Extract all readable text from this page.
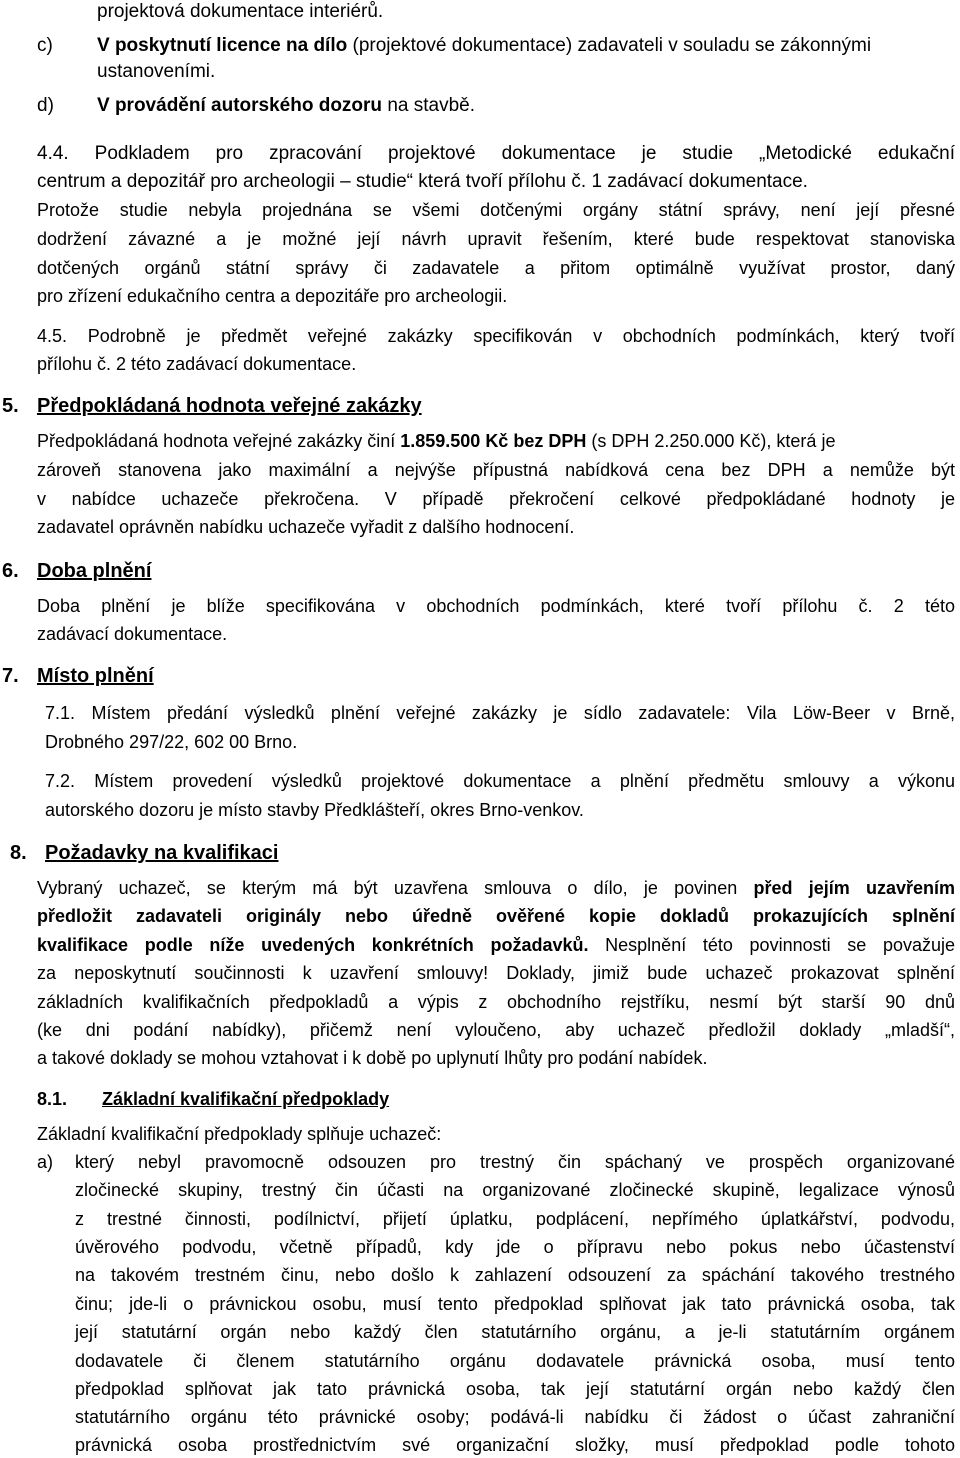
projektová dokumentace interiérů.
c) V poskytnutí licence na dílo (projektové dokumentace) zadavateli v souladu se zákonnými
ustanoveními.
d) V provádění autorského dozoru na stavbě.
4.4. Podkladem pro zpracování projektové dokumentace je studie „Metodické edukační
centrum a depozitář pro archeologii – studie“ která tvoří přílohu č. 1 zadávací dokumentace.
Protože studie nebyla projednána se všemi dotčenými orgány státní správy, není její přesné
dodržení závazné a je možné její návrh upravit řešením, které bude respektovat stanoviska
dotčených orgánů státní správy či zadavatele a přitom optimálně využívat prostor, daný
pro zřízení edukačního centra a depozitáře pro archeologii.
4.5. Podrobně je předmět veřejné zakázky specifikován v obchodních podmínkách, který tvoří
přílohu č. 2 této zadávací dokumentace.
5. Předpokládaná hodnota veřejné zakázky
Předpokládaná hodnota veřejné zakázky činí 1.859.500 Kč bez DPH (s DPH 2.250.000 Kč), která je
zároveň stanovena jako maximální a nejvýše přípustná nabídková cena bez DPH a nemůže být
v nabídce uchazeče překročena. V případě překročení celkové předpokládané hodnoty je
zadavatel oprávněn nabídku uchazeče vyřadit z dalšího hodnocení.
6. Doba plnění
Doba plnění je blíže specifikována v obchodních podmínkách, které tvoří přílohu č. 2 této
zadávací dokumentace.
7. Místo plnění
7.1. Místem předání výsledků plnění veřejné zakázky je sídlo zadavatele: Vila Löw-Beer v Brně,
Drobného 297/22, 602 00 Brno.
7.2. Místem provedení výsledků projektové dokumentace a plnění předmětu smlouvy a výkonu
autorského dozoru je místo stavby Předklášteří, okres Brno-venkov.
8. Požadavky na kvalifikaci
Vybraný uchazeč, se kterým má být uzavřena smlouva o dílo, je povinen před jejím uzavřením
předložit zadavateli originály nebo úředně ověřené kopie dokladů prokazujících splnění
kvalifikace podle níže uvedených konkrétních požadavků. Nesplnění této povinnosti se považuje
za neposkytnutí součinnosti k uzavření smlouvy! Doklady, jimiž bude uchazeč prokazovat splnění
základních kvalifikačních předpokladů a výpis z obchodního rejstříku, nesmí být starší 90 dnů
(ke dni podání nabídky), přičemž není vyloučeno, aby uchazeč předložil doklady „mladší“,
a takové doklady se mohou vztahovat i k době po uplynutí lhůty pro podání nabídek.
8.1. Základní kvalifikační předpoklady
Základní kvalifikační předpoklady splňuje uchazeč:
a) který nebyl pravomocně odsouzen pro trestný čin spáchaný ve prospěch organizované
zločinecké skupiny, trestný čin účasti na organizované zločinecké skupině, legalizace výnosů
z trestné činnosti, podílnictví, přijetí úplatku, podplácení, nepřímého úplatkářství, podvodu,
úvěrového podvodu, včetně případů, kdy jde o přípravu nebo pokus nebo účastenství
na takovém trestném činu, nebo došlo k zahlazení odsouzení za spáchání takového trestného
činu; jde-li o právnickou osobu, musí tento předpoklad splňovat jak tato právnická osoba, tak
její statutární orgán nebo každý člen statutárního orgánu, a je-li statutárním orgánem
dodavatele či členem statutárního orgánu dodavatele právnická osoba, musí tento
předpoklad splňovat jak tato právnická osoba, tak její statutární orgán nebo každý člen
statutárního orgánu této právnické osoby; podává-li nabídku či žádost o účast zahraniční
právnická osoba prostřednictvím své organizační složky, musí předpoklad podle tohoto
